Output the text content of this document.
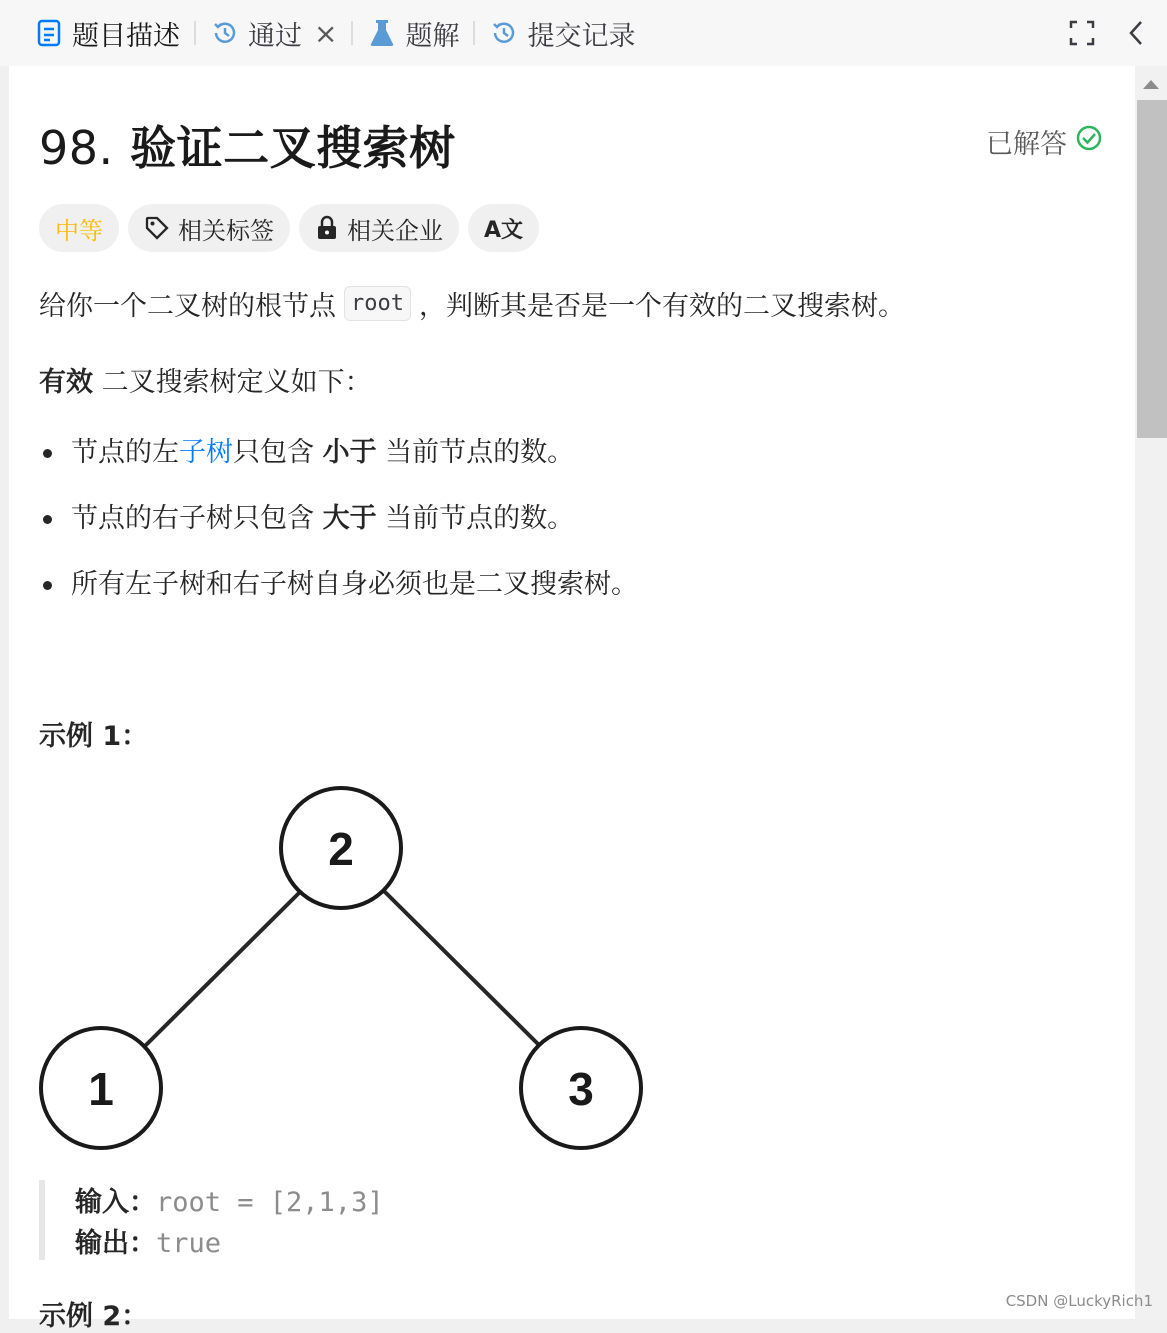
题目描述	通过 ×	题解	提交记录
98. 验证二叉搜索树	已解答
中等	相关标签	相关企业 A文
给你一个二叉树的根节点 root ，判断其是否是一个有效的二叉搜索树。
有效 二叉搜索树定义如下：
节点的左子树只包含 小于 当前节点的数。
节点的右子树只包含 大于 当前节点的数。
所有左子树和右子树自身必须也是二叉搜索树。
示例 1：
2
1	3
输入：root = [2,1,3]
输出：true
示例 2：	CSDN @LuckyRich1
